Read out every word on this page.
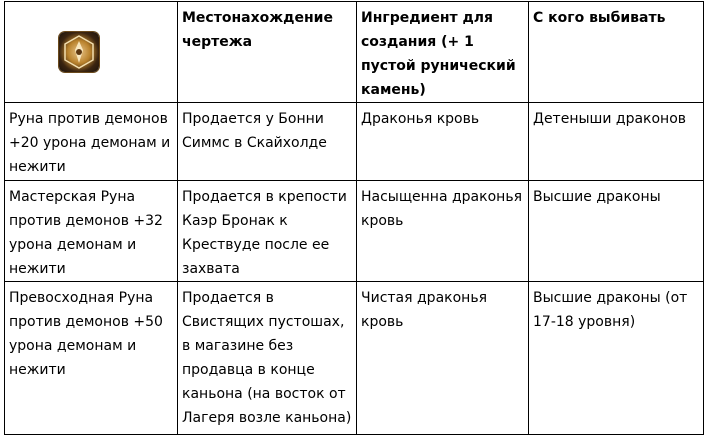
	Местонахождение чертежа	Ингредиент для создания (+ 1 пустой рунический камень)	С кого выбивать
Руна против демонов +20 урона демонам и нежити	Продается у Бонни Симмс в Скайхолде	Драконья кровь	Детеныши драконов
Мастерская Руна против демонов +32 урона демонам и нежити	Продается в крепости Каэр Бронак к Крествуде после ее захвата	Насыщенна драконья кровь	Высшие драконы
Превосходная Руна против демонов +50 урона демонам и нежити	Продается в Свистящих пустошах, в магазине без продавца в конце каньона (на восток от Лагеря возле каньона)	Чистая драконья кровь	Высшие драконы (от 17-18 уровня)
